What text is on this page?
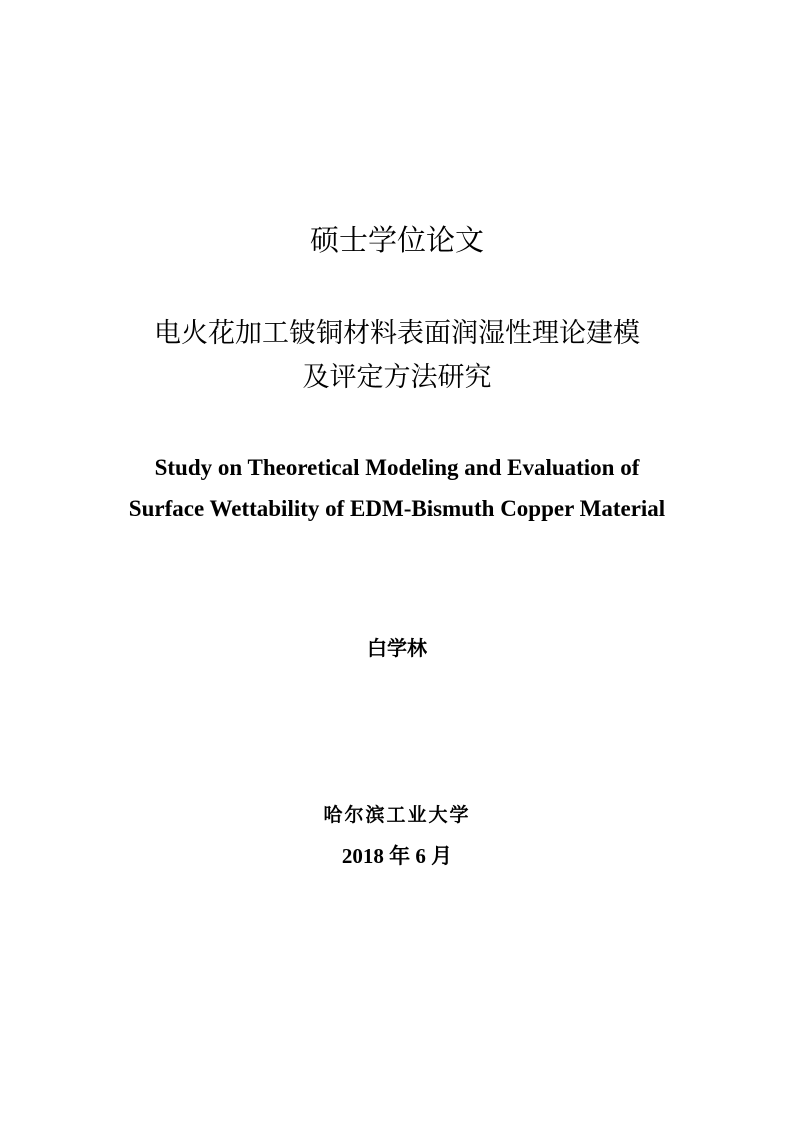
硕士学位论文
电火花加工铍铜材料表面润湿性理论建模
及评定方法研究
Study on Theoretical Modeling and Evaluation of
Surface Wettability of EDM-Bismuth Copper Material
白学林
哈尔滨工业大学
2018 年 6 月
